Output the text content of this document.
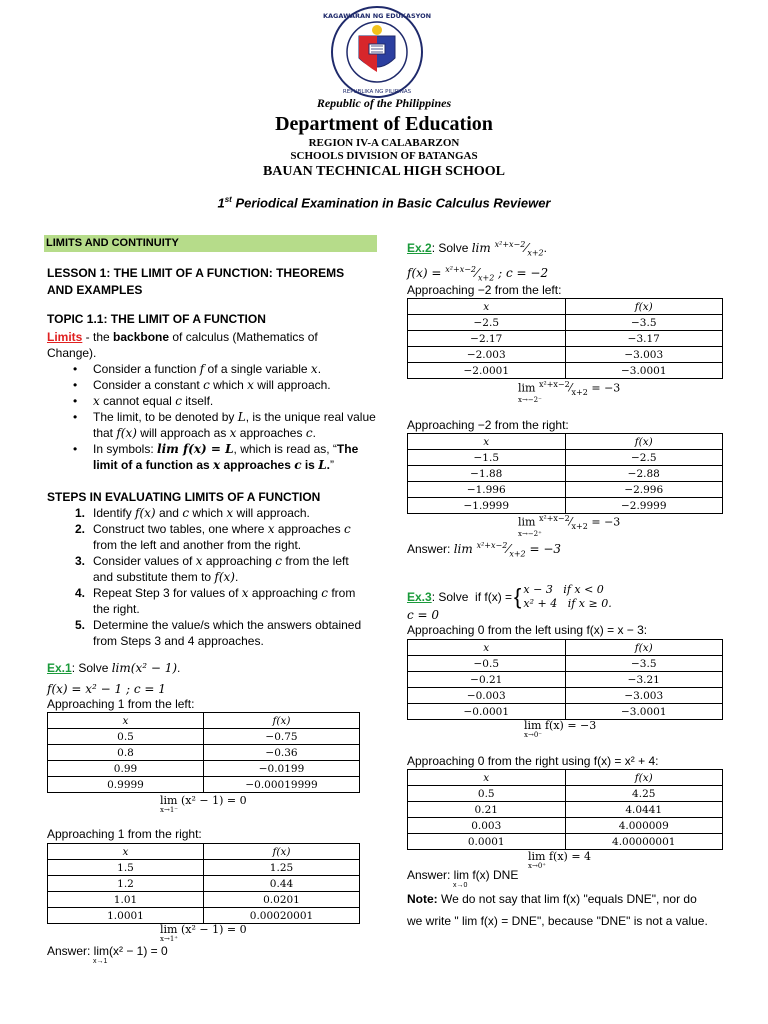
KAGAWARAN NG EDUKASYON
REPUBLIKA NG PILIPINAS
Republic of the Philippines
Department of Education
REGION IV-A CALABARZON
SCHOOLS DIVISION OF BATANGAS
BAUAN TECHNICAL HIGH SCHOOL
1st Periodical Examination in Basic Calculus Reviewer
LIMITS AND CONTINUITY
LESSON 1: THE LIMIT OF A FUNCTION: THEOREMS AND EXAMPLES
TOPIC 1.1: THE LIMIT OF A FUNCTION
Limits - the backbone of calculus (Mathematics of Change).
• Consider a function f of a single variable x.
• Consider a constant c which x will approach.
• x cannot equal c itself.
• The limit, to be denoted by L, is the unique real value that f(x) will approach as x approaches c.
• In symbols: lim f(x) = L, which is read as, “The limit of a function as x approaches c is L.”
STEPS IN EVALUATING LIMITS OF A FUNCTION
1. Identify f(x) and c which x will approach.
2. Construct two tables, one where x approaches c from the left and another from the right.
3. Consider values of x approaching c from the left and substitute them to f(x).
4. Repeat Step 3 for values of x approaching c from the right.
5. Determine the value/s which the answers obtained from Steps 3 and 4 approaches.
Ex.1: Solve lim(x² − 1).
f(x) = x² − 1 ; c = 1
Approaching 1 from the left:
x	f(x)
0.5	−0.75
0.8	−0.36
0.99	−0.0199
0.9999	−0.00019999
lim (x² − 1) = 0
x→1⁻
Approaching 1 from the right:
x	f(x)
1.5	1.25
1.2	0.44
1.01	0.0201
1.0001	0.00020001
lim (x² − 1) = 0
x→1⁺
Answer: lim(x² − 1) = 0
x→1
Ex.2: Solve $\lim ^{x^2+x-2}⁄_{x+2}$.
$f(x) = ^{x^2+x-2}⁄_{x+2}$ ; c = −2
Approaching −2 from the left:
x	f(x)
−2.5	−3.5
−2.17	−3.17
−2.003	−3.003
−2.0001	−3.0001
$\lim ^{x^2+x-2}⁄_{x+2} = -3$
x→−2⁻
Approaching −2 from the right:
x	f(x)
−1.5	−2.5
−1.88	−2.88
−1.996	−2.996
−1.9999	−2.9999
$\lim ^{x^2+x-2}⁄_{x+2} = -3$
x→−2⁺
Answer: $\lim ^{x^2+x-2}⁄_{x+2} = -3$
Ex.3 : Solve  if f(x) = { x − 3   if x < 0
x² + 4   if x ≥ 0.
c = 0
Approaching 0 from the left using f(x) = x − 3:
x	f(x)
−0.5	−3.5
−0.21	−3.21
−0.003	−3.003
−0.0001	−3.0001
lim f(x) = −3
x→0⁻
Approaching 0 from the right using f(x) = x² + 4:
x	f(x)
0.5	4.25
0.21	4.0441
0.003	4.000009
0.0001	4.00000001
lim f(x) = 4
x→0⁺
Answer: lim f(x) DNE
x→0
Note: We do not say that lim f(x) "equals DNE", nor do
we write " lim f(x) = DNE", because "DNE" is not a value.
